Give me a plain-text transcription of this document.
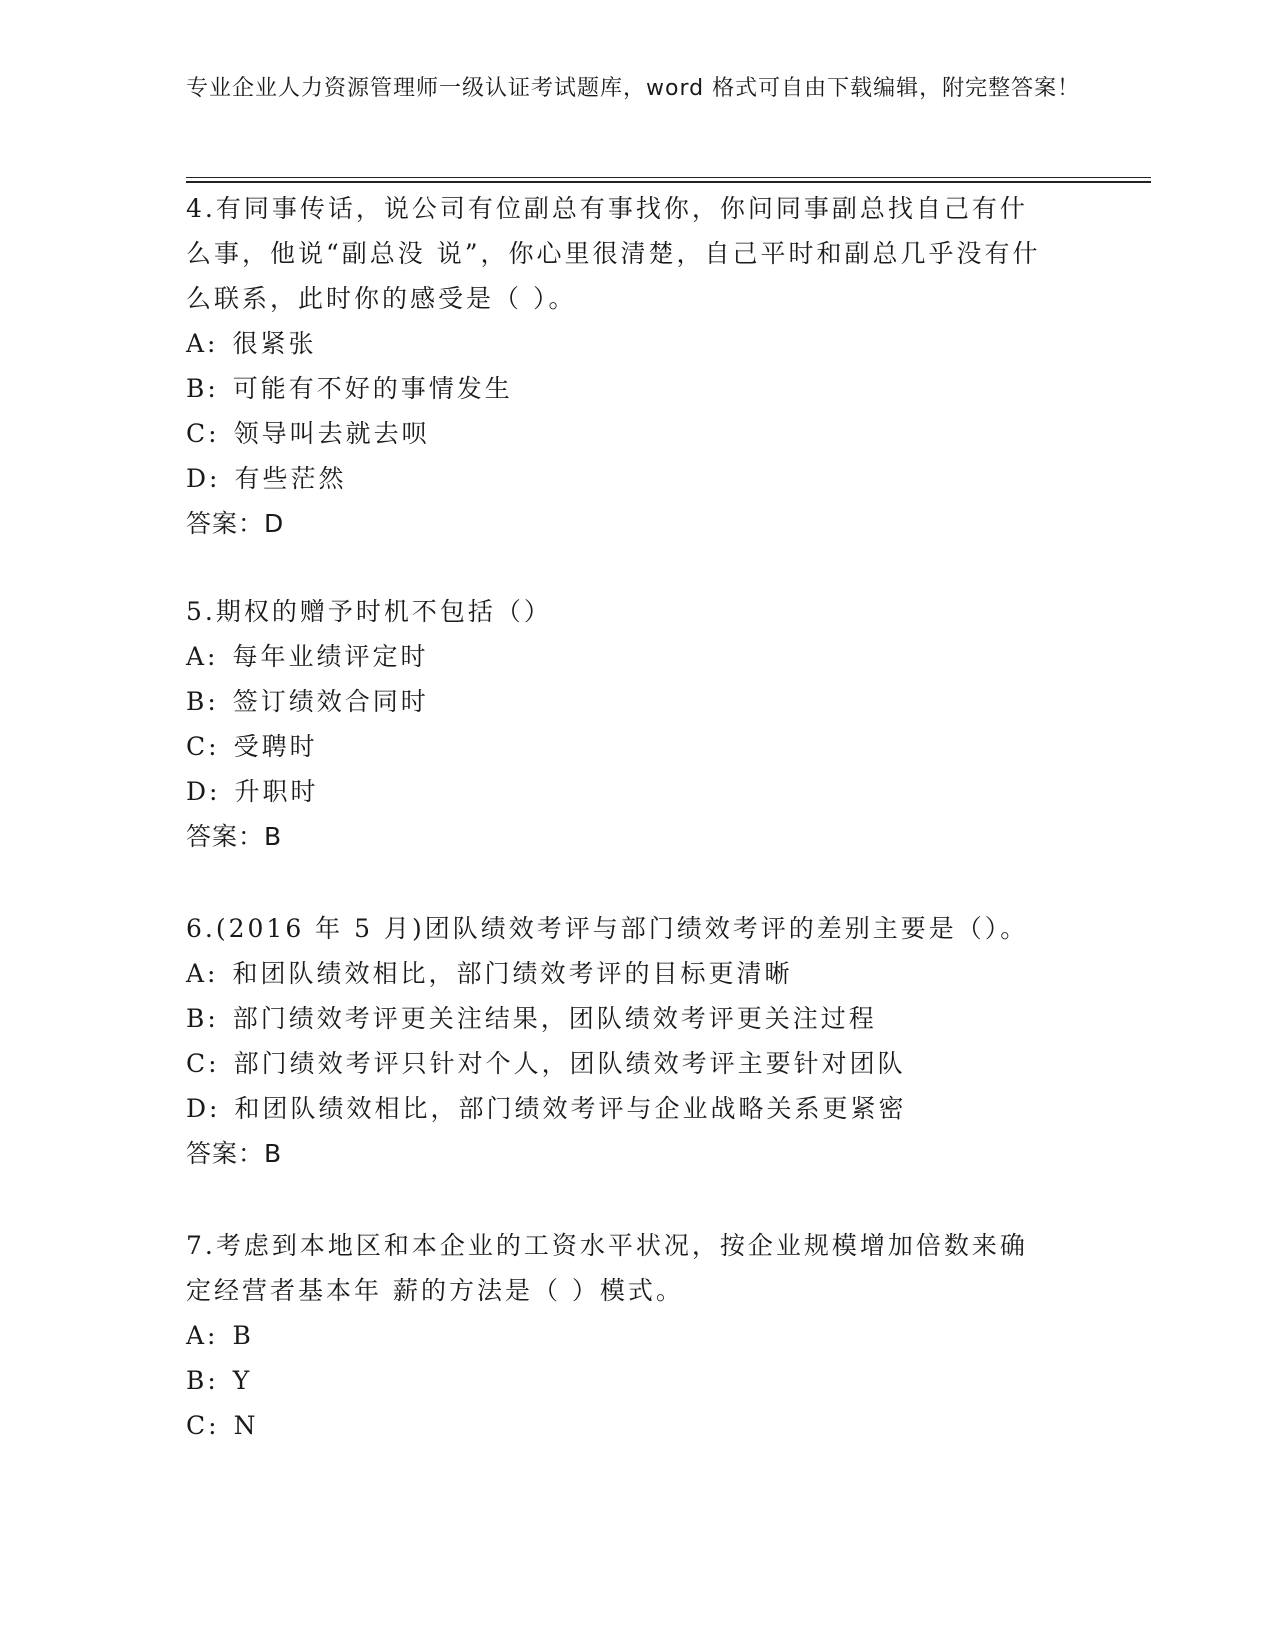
专业企业人力资源管理师一级认证考试题库，word 格式可自由下载编辑，附完整答案！
4.有同事传话，说公司有位副总有事找你，你问同事副总找自己有什么事，他说“副总没 说”，你心里很清楚，自己平时和副总几乎没有什么联系，此时你的感受是（ ）。
A: 很紧张
B: 可能有不好的事情发生
C: 领导叫去就去呗
D: 有些茫然
答案：D
5.期权的赠予时机不包括（）
A: 每年业绩评定时
B: 签订绩效合同时
C: 受聘时
D: 升职时
答案：B
6.(2016 年 5 月)团队绩效考评与部门绩效考评的差别主要是（）。
A: 和团队绩效相比，部门绩效考评的目标更清晰
B: 部门绩效考评更关注结果，团队绩效考评更关注过程
C: 部门绩效考评只针对个人，团队绩效考评主要针对团队
D: 和团队绩效相比，部门绩效考评与企业战略关系更紧密
答案：B
7.考虑到本地区和本企业的工资水平状况，按企业规模增加倍数来确定经营者基本年 薪的方法是（ ）模式。
A: B
B: Y
C: N
